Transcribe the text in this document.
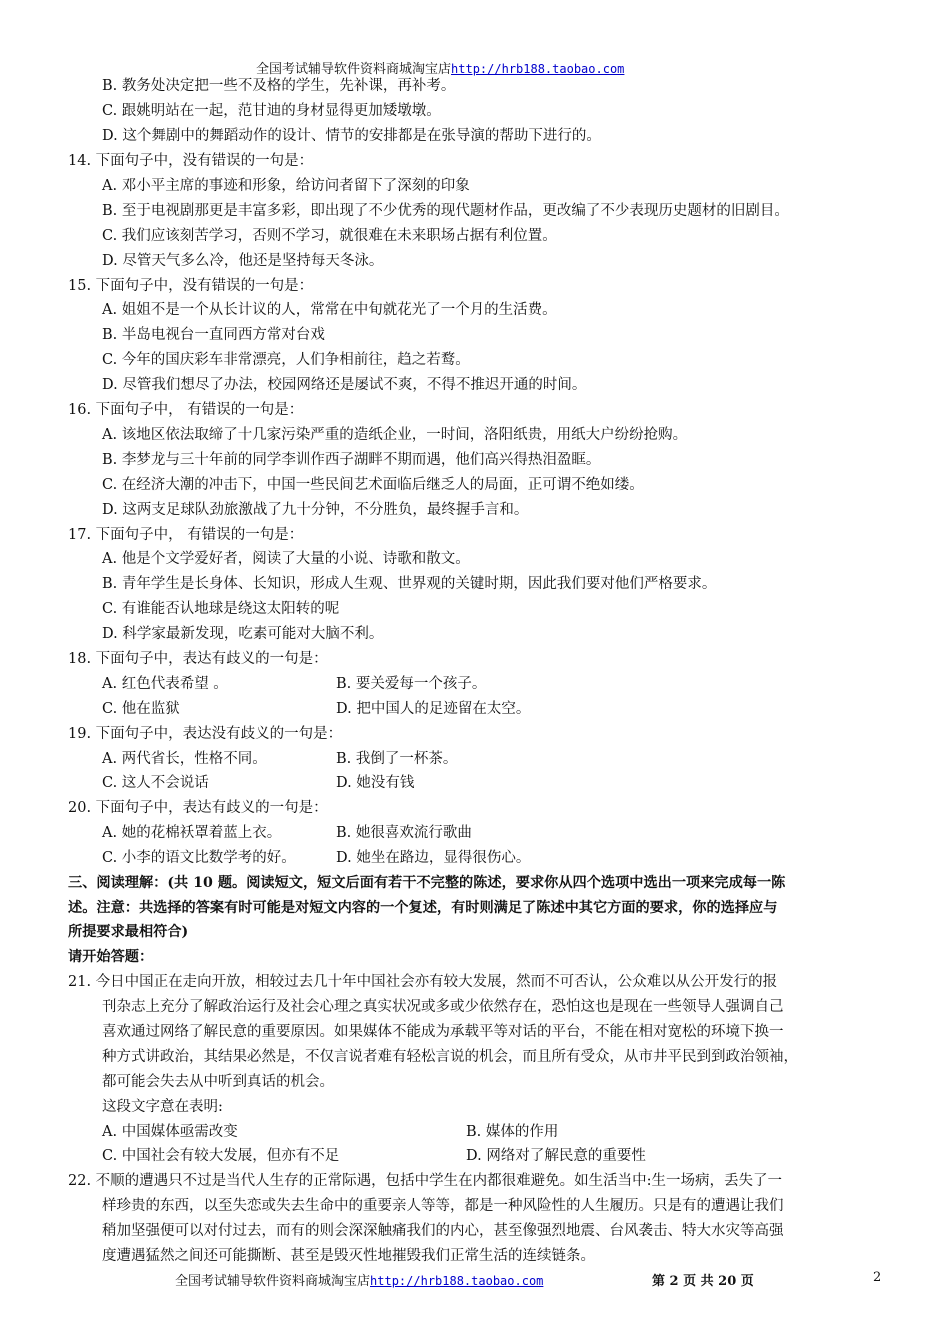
全国考试辅导软件资料商城淘宝店http://hrb188.taobao.com
B. 教务处决定把一些不及格的学生，先补课，再补考。
C. 跟姚明站在一起，范甘迪的身材显得更加矮墩墩。
D. 这个舞剧中的舞蹈动作的设计、情节的安排都是在张导演的帮助下进行的。
14. 下面句子中，没有错误的一句是：
A. 邓小平主席的事迹和形象，给访问者留下了深刻的印象
B. 至于电视剧那更是丰富多彩，即出现了不少优秀的现代题材作品，更改编了不少表现历史题材的旧剧目。
C. 我们应该刻苦学习，否则不学习，就很难在未来职场占据有利位置。
D. 尽管天气多么冷，他还是坚持每天冬泳。
15. 下面句子中，没有错误的一句是：
A. 姐姐不是一个从长计议的人，常常在中旬就花光了一个月的生活费。
B. 半岛电视台一直同西方常对台戏
C. 今年的国庆彩车非常漂亮，人们争相前往，趋之若鹜。
D. 尽管我们想尽了办法，校园网络还是屡试不爽，不得不推迟开通的时间。
16. 下面句子中， 有错误的一句是：
A. 该地区依法取缔了十几家污染严重的造纸企业，一时间，洛阳纸贵，用纸大户纷纷抢购。
B. 李梦龙与三十年前的同学李训作西子湖畔不期而遇，他们高兴得热泪盈眶。
C. 在经济大潮的冲击下，中国一些民间艺术面临后继乏人的局面，正可谓不绝如缕。
D. 这两支足球队劲旅激战了九十分钟，不分胜负，最终握手言和。
17. 下面句子中， 有错误的一句是：
A. 他是个文学爱好者，阅读了大量的小说、诗歌和散文。
B. 青年学生是长身体、长知识，形成人生观、世界观的关键时期，因此我们要对他们严格要求。
C. 有谁能否认地球是绕这太阳转的呢
D. 科学家最新发现，吃素可能对大脑不利。
18. 下面句子中，表达有歧义的一句是：
A. 红色代表希望 。	B. 要关爱每一个孩子。
C. 他在监狱	D. 把中国人的足迹留在太空。
19. 下面句子中，表达没有歧义的一句是：
A. 两代省长，性格不同。	B. 我倒了一杯茶。
C. 这人不会说话	D. 她没有钱
20. 下面句子中，表达有歧义的一句是：
A. 她的花棉袄罩着蓝上衣。	B. 她很喜欢流行歌曲
C. 小李的语文比数学考的好。	D. 她坐在路边，显得很伤心。
三、阅读理解：(共 10 题。阅读短文，短文后面有若干不完整的陈述，要求你从四个选项中选出一项来完成每一陈
述。注意：共选择的答案有时可能是对短文内容的一个复述，有时则满足了陈述中其它方面的要求，你的选择应与
所提要求最相符合)
请开始答题：
21. 今日中国正在走向开放，相较过去几十年中国社会亦有较大发展，然而不可否认，公众难以从公开发行的报
刊杂志上充分了解政治运行及社会心理之真实状况或多或少依然存在，恐怕这也是现在一些领导人强调自己
喜欢通过网络了解民意的重要原因。如果媒体不能成为承载平等对话的平台，不能在相对宽松的环境下换一
种方式讲政治，其结果必然是，不仅言说者难有轻松言说的机会，而且所有受众，从市井平民到到政治领袖，
都可能会失去从中听到真话的机会。
这段文字意在表明:
A. 中国媒体亟需改变	B. 媒体的作用
C. 中国社会有较大发展，但亦有不足	D. 网络对了解民意的重要性
22. 不顺的遭遇只不过是当代人生存的正常际遇，包括中学生在内都很难避免。如生活当中:生一场病，丢失了一
样珍贵的东西，以至失恋或失去生命中的重要亲人等等，都是一种风险性的人生履历。只是有的遭遇让我们
稍加坚强便可以对付过去，而有的则会深深触痛我们的内心，甚至像强烈地震、台风袭击、特大水灾等高强
度遭遇猛然之间还可能撕断、甚至是毁灭性地摧毁我们正常生活的连续链条。
全国考试辅导软件资料商城淘宝店http://hrb188.taobao.com	第 2 页 共 20 页	2
